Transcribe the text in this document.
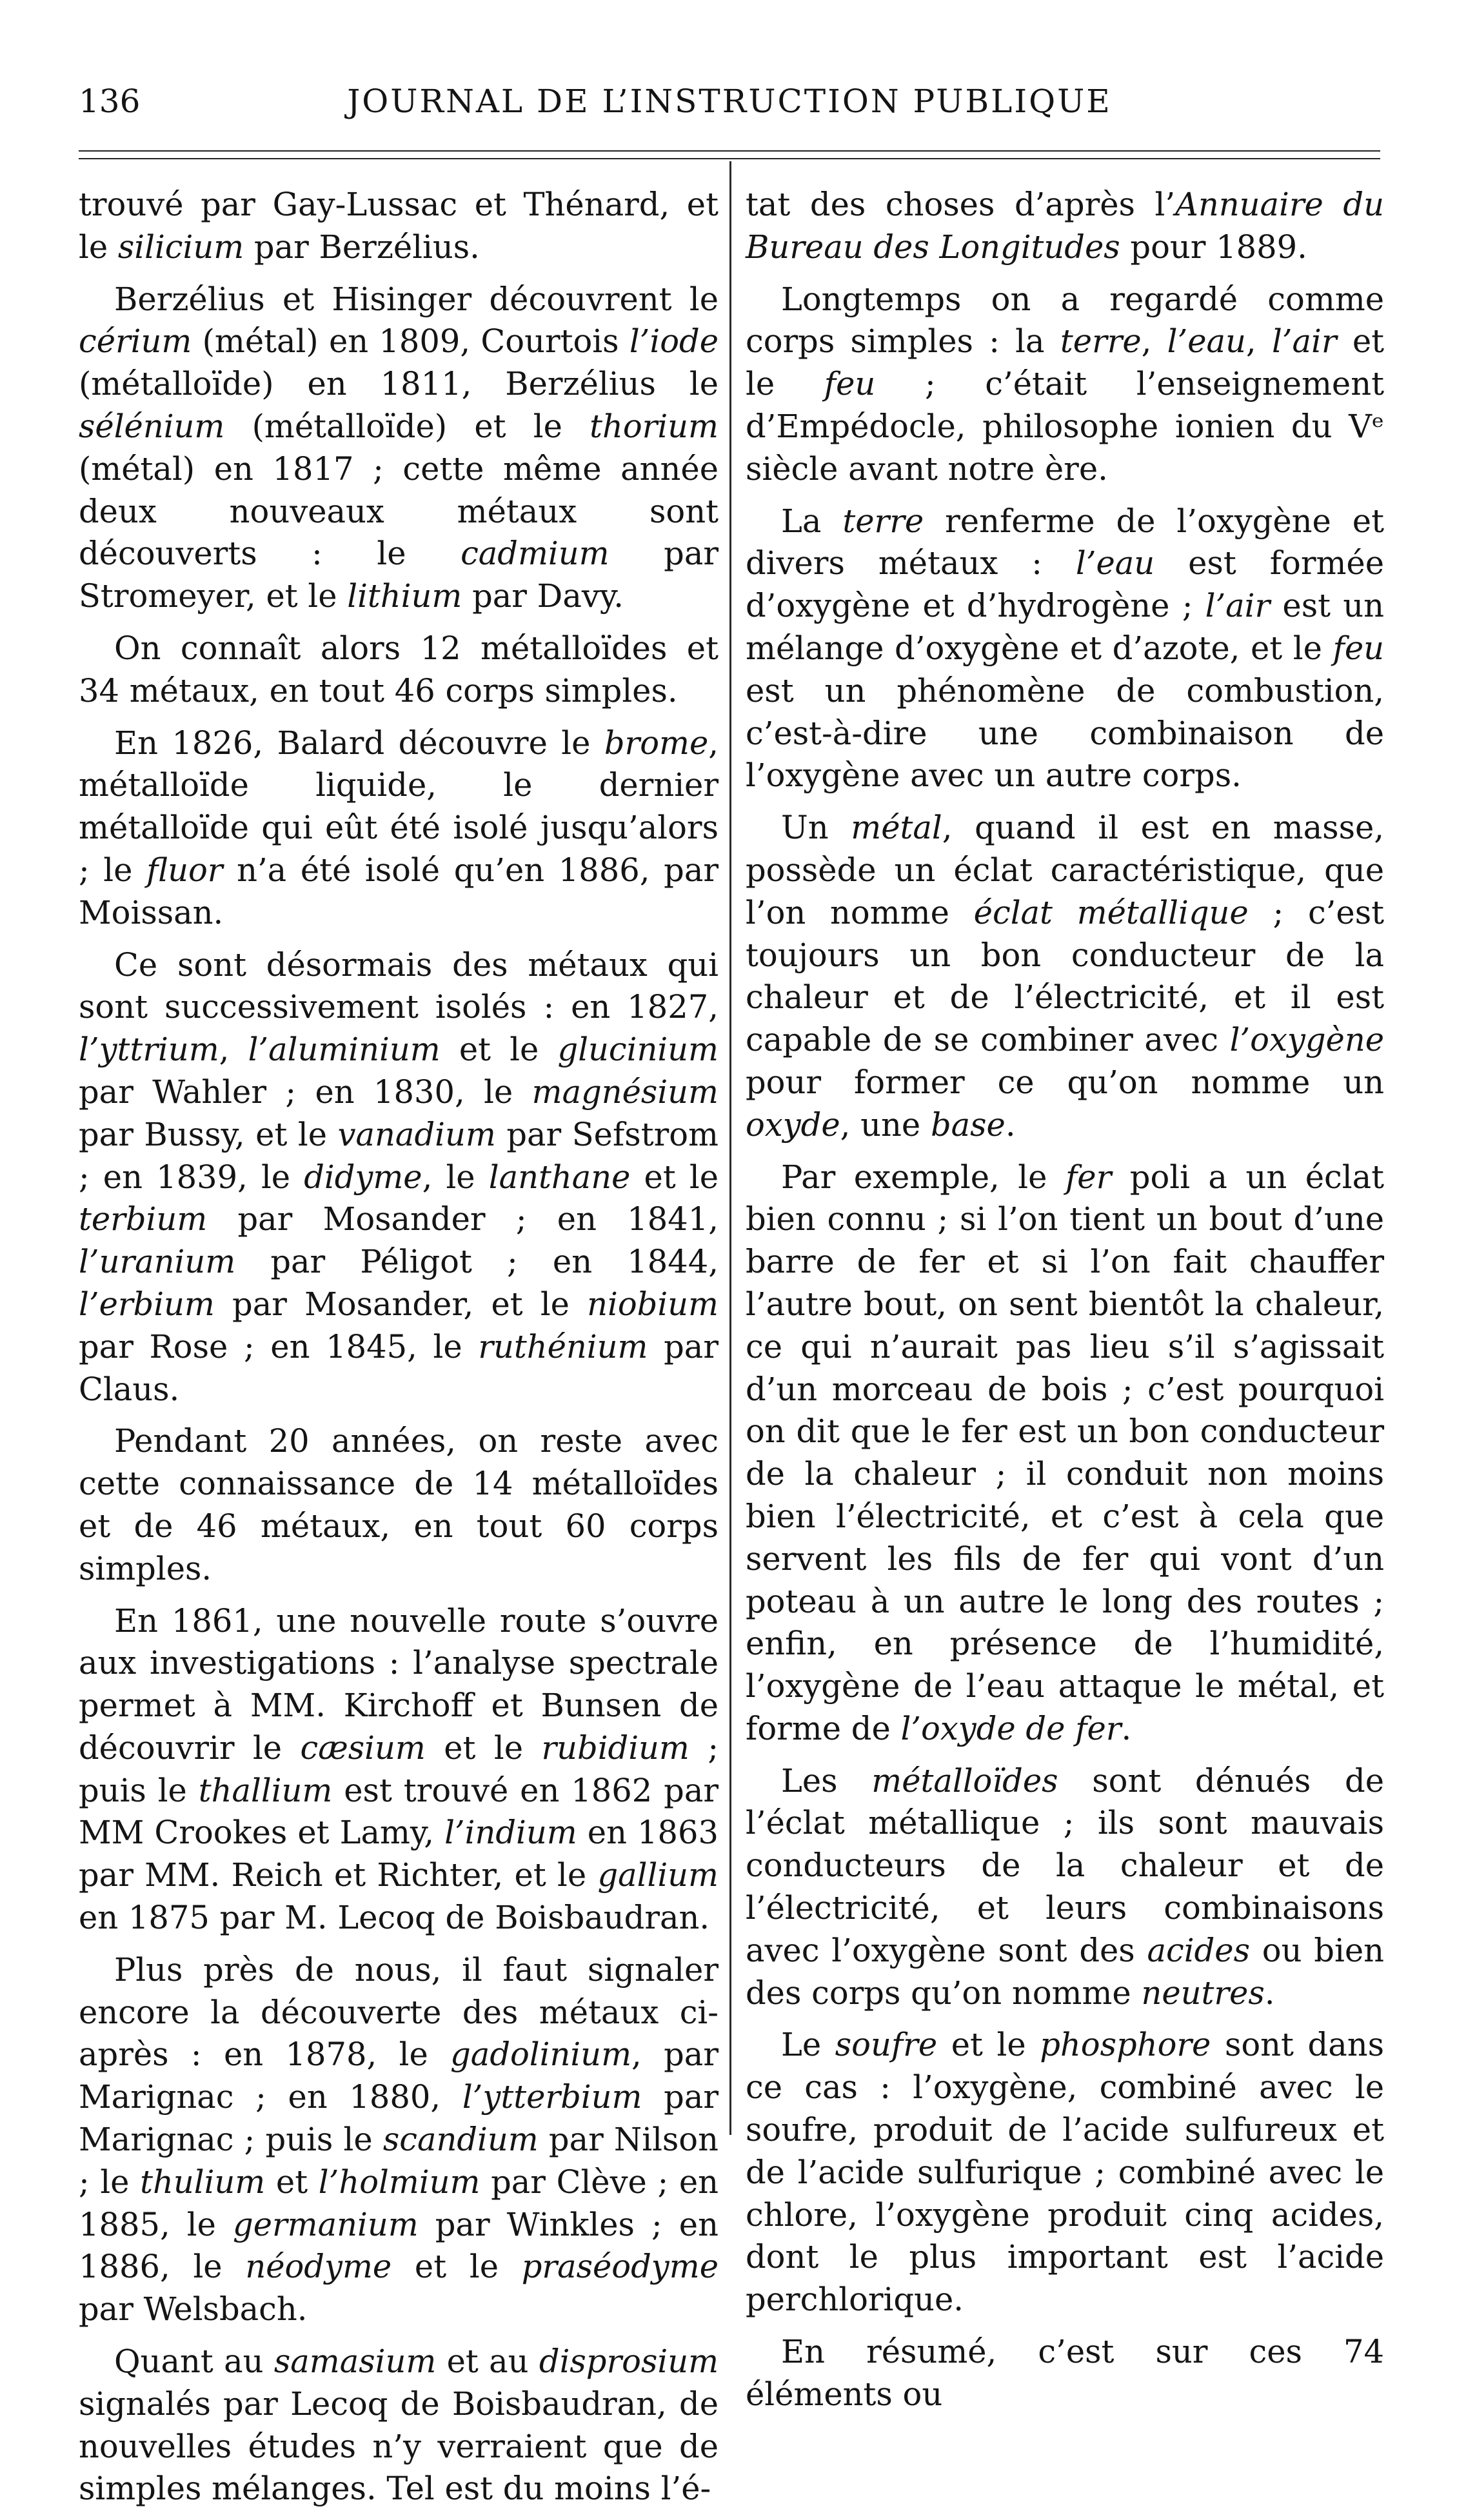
136	JOURNAL DE L’INSTRUCTION PUBLIQUE

trouvé par Gay-Lussac et Thénard, et le silicium par Berzélius.

Berzélius et Hisinger découvrent le cérium (métal) en 1809, Courtois l’iode (métalloïde) en 1811, Berzélius le sélénium (métalloïde) et le thorium (métal) en 1817 ; cette même année deux nouveaux métaux sont découverts : le cadmium par Stromeyer, et le lithium par Davy.

On connaît alors 12 métalloïdes et 34 métaux, en tout 46 corps simples.

En 1826, Balard découvre le brome, métalloïde liquide, le dernier métalloïde qui eût été isolé jusqu’alors ; le fluor n’a été isolé qu’en 1886, par Moissan.

Ce sont désormais des métaux qui sont successivement isolés : en 1827, l’yttrium, l’aluminium et le glucinium par Wahler ; en 1830, le magnésium par Bussy, et le vanadium par Sefstrom ; en 1839, le didyme, le lanthane et le terbium par Mosander ; en 1841, l’uranium par Péligot ; en 1844, l’erbium par Mosander, et le niobium par Rose ; en 1845, le ruthénium par Claus.

Pendant 20 années, on reste avec cette connaissance de 14 métalloïdes et de 46 métaux, en tout 60 corps simples.

En 1861, une nouvelle route s’ouvre aux investigations : l’analyse spectrale permet à MM. Kirchoff et Bunsen de découvrir le cæsium et le rubidium ; puis le thallium est trouvé en 1862 par MM Crookes et Lamy, l’indium en 1863 par MM. Reich et Richter, et le gallium en 1875 par M. Lecoq de Boisbaudran.

Plus près de nous, il faut signaler encore la découverte des métaux ci-après : en 1878, le gadolinium, par Marignac ; en 1880, l’ytterbium par Marignac ; puis le scandium par Nilson ; le thulium et l’holmium par Clève ; en 1885, le germanium par Winkles ; en 1886, le néodyme et le praséodyme par Welsbach.

Quant au samasium et au disprosium signalés par Lecoq de Boisbaudran, de nouvelles études n’y verraient que de simples mélanges. Tel est du moins l’é-

tat des choses d’après l’Annuaire du Bureau des Longitudes pour 1889.

Longtemps on a regardé comme corps simples : la terre, l’eau, l’air et le feu ; c’était l’enseignement d’Empédocle, philosophe ionien du Vᵉ siècle avant notre ère.

La terre renferme de l’oxygène et divers métaux : l’eau est formée d’oxygène et d’hydrogène ; l’air est un mélange d’oxygène et d’azote, et le feu est un phénomène de combustion, c’est-à-dire une combinaison de l’oxygène avec un autre corps.

Un métal, quand il est en masse, possède un éclat caractéristique, que l’on nomme éclat métallique ; c’est toujours un bon conducteur de la chaleur et de l’électricité, et il est capable de se combiner avec l’oxygène pour former ce qu’on nomme un oxyde, une base.

Par exemple, le fer poli a un éclat bien connu ; si l’on tient un bout d’une barre de fer et si l’on fait chauffer l’autre bout, on sent bientôt la chaleur, ce qui n’aurait pas lieu s’il s’agissait d’un morceau de bois ; c’est pourquoi on dit que le fer est un bon conducteur de la chaleur ; il conduit non moins bien l’électricité, et c’est à cela que servent les fils de fer qui vont d’un poteau à un autre le long des routes ; enfin, en présence de l’humidité, l’oxygène de l’eau attaque le métal, et forme de l’oxyde de fer.

Les métalloïdes sont dénués de l’éclat métallique ; ils sont mauvais conducteurs de la chaleur et de l’électricité, et leurs combinaisons avec l’oxygène sont des acides ou bien des corps qu’on nomme neutres.

Le soufre et le phosphore sont dans ce cas : l’oxygène, combiné avec le soufre, produit de l’acide sulfureux et de l’acide sulfurique ; combiné avec le chlore, l’oxygène produit cinq acides, dont le plus important est l’acide perchlorique.

En résumé, c’est sur ces 74 éléments ou
